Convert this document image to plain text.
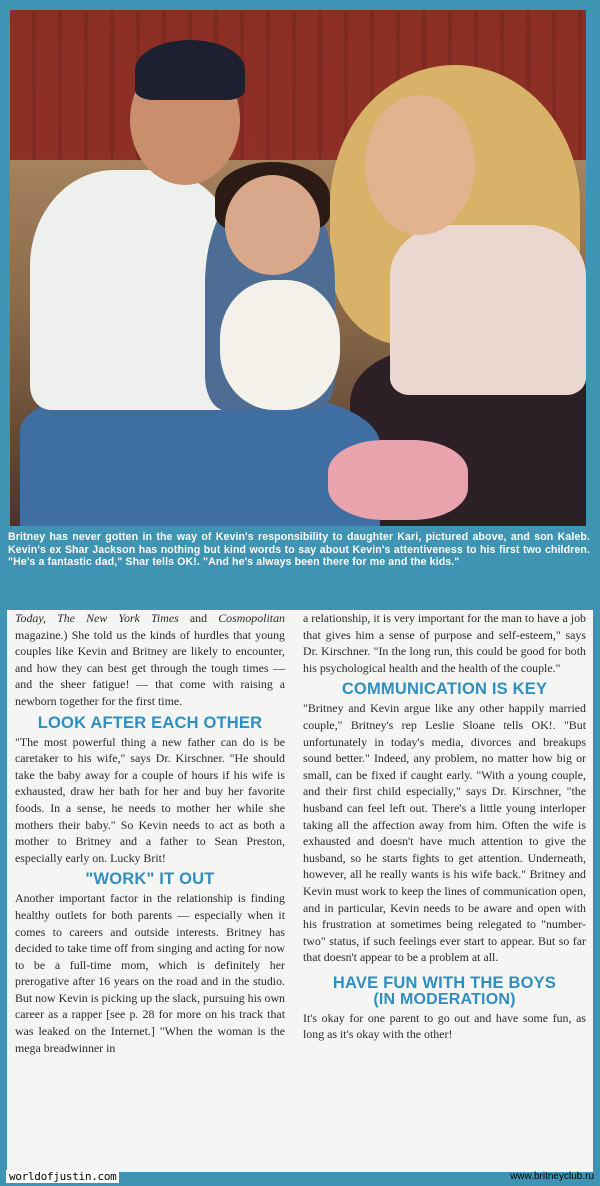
Britney has never gotten in the way of Kevin's responsibility to daughter Kari, pictured above, and son Kaleb. Kevin's ex Shar Jackson has nothing but kind words to say about Kevin's attentiveness to his first two children. "He's a fantastic dad," Shar tells OK!. "And he's always been there for me and the kids."

Today, The New York Times and Cosmopolitan magazine.) She told us the kinds of hurdles that young couples like Kevin and Britney are likely to encounter, and how they can best get through the tough times — and the sheer fatigue! — that come with raising a newborn together for the first time.

LOOK AFTER EACH OTHER

"The most powerful thing a new father can do is be caretaker to his wife," says Dr. Kirschner. "He should take the baby away for a couple of hours if his wife is exhausted, draw her bath for her and buy her favorite foods. In a sense, he needs to mother her while she mothers their baby." So Kevin needs to act as both a mother to Britney and a father to Sean Preston, especially early on. Lucky Brit!

"WORK" IT OUT

Another important factor in the relationship is finding healthy outlets for both parents — especially when it comes to careers and outside interests. Britney has decided to take time off from singing and acting for now to be a full-time mom, which is definitely her prerogative after 16 years on the road and in the studio. But now Kevin is picking up the slack, pursuing his own career as a rapper [see p. 28 for more on his track that was leaked on the Internet.] "When the woman is the mega breadwinner in

a relationship, it is very important for the man to have a job that gives him a sense of purpose and self-esteem," says Dr. Kirschner. "In the long run, this could be good for both his psychological health and the health of the couple."

COMMUNICATION IS KEY

"Britney and Kevin argue like any other happily married couple," Britney's rep Leslie Sloane tells OK!. "But unfortunately in today's media, divorces and breakups sound better." Indeed, any problem, no matter how big or small, can be fixed if caught early. "With a young couple, and their first child especially," says Dr. Kirschner, "the husband can feel left out. There's a little young interloper taking all the affection away from him. Often the wife is exhausted and doesn't have much attention to give the husband, so he starts fights to get attention. Underneath, however, all he really wants is his wife back." Britney and Kevin must work to keep the lines of communication open, and in particular, Kevin needs to be aware and open with his frustration at sometimes being relegated to "number-two" status, if such feelings ever start to appear. But so far that doesn't appear to be a problem at all.

HAVE FUN WITH THE BOYS
(IN MODERATION)

It's okay for one parent to go out and have some fun, as long as it's okay with the other!

worldofjustin.com	www.britneyclub.ru
